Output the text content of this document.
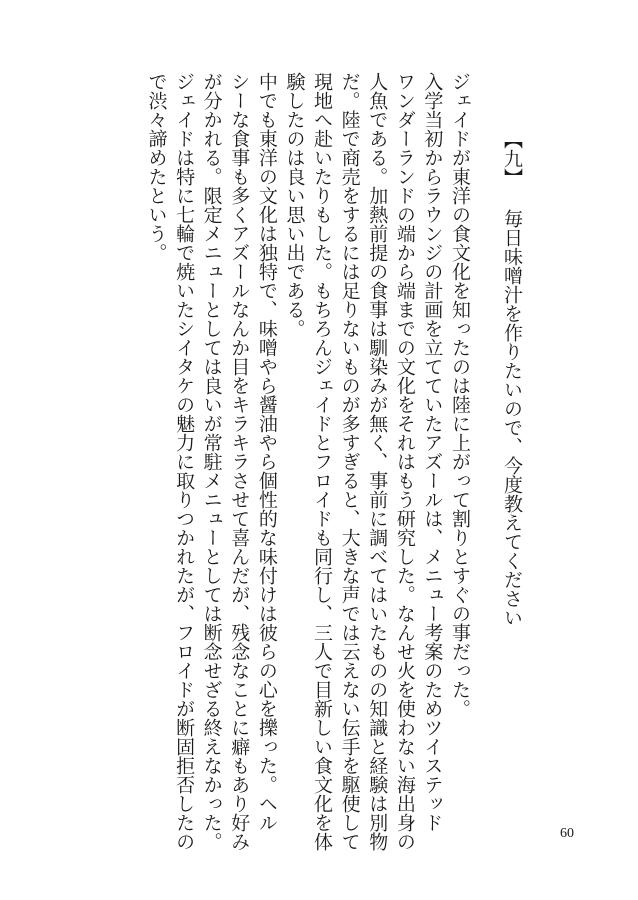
【九】 毎日味噌汁を作りたいので、今度教えてください
ジェイドが東洋の食文化を知ったのは陸に上がって割りとすぐの事だった。
入学当初からラウンジの計画を立てていたアズールは、メニュー考案のためツイステッド
ワンダーランドの端から端までの文化をそれはもう研究した。なんせ火を使わない海出身の
人魚である。加熱前提の食事は馴染みが無く、事前に調べてはいたものの知識と経験は別物
だ。陸で商売をするには足りないものが多すぎると、大きな声では云えない伝手を駆使して
現地へ赴いたりもした。もちろんジェイドとフロイドも同行し、三人で目新しい食文化を体
験したのは良い思い出である。
中でも東洋の文化は独特で、味噌やら醤油やら個性的な味付けは彼らの心を擽った。ヘル
シーな食事も多くアズールなんか目をキラキラさせて喜んだが、残念なことに癖もあり好み
が分かれる。限定メニューとしては良いが常駐メニューとしては断念せざる終えなかった。
ジェイドは特に七輪で焼いたシイタケの魅力に取りつかれたが、フロイドが断固拒否したの
で渋々諦めたという。
60
